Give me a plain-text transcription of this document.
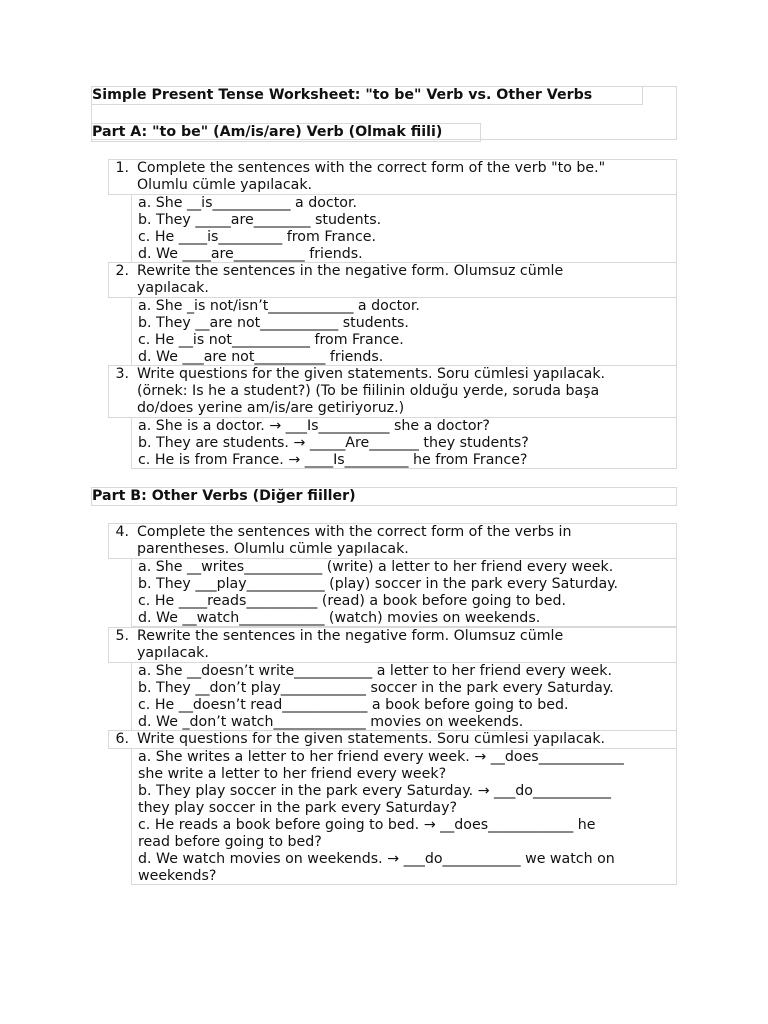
Simple Present Tense Worksheet: "to be" Verb vs. Other Verbs
Part A: "to be" (Am/is/are) Verb (Olmak fiili)
1. Complete the sentences with the correct form of the verb "to be."
Olumlu cümle yapılacak.
a. She __is___________ a doctor.
b. They _____are________ students.
c. He ____is_________ from France.
d. We ____are__________ friends.
2. Rewrite the sentences in the negative form. Olumsuz cümle
yapılacak.
a. She _is not/isn’t____________ a doctor.
b. They __are not___________ students.
c. He __is not___________ from France.
d. We ___are not__________ friends.
3. Write questions for the given statements. Soru cümlesi yapılacak.
(örnek: Is he a student?) (To be fiilinin olduğu yerde, soruda başa
do/does yerine am/is/are getiriyoruz.)
a. She is a doctor. → ___Is__________ she a doctor?
b. They are students. → _____Are_______ they students?
c. He is from France. → ____Is_________ he from France?
Part B: Other Verbs (Diğer fiiller)
4. Complete the sentences with the correct form of the verbs in
parentheses. Olumlu cümle yapılacak.
a. She __writes___________ (write) a letter to her friend every week.
b. They ___play___________ (play) soccer in the park every Saturday.
c. He ____reads__________ (read) a book before going to bed.
d. We __watch____________ (watch) movies on weekends.
5. Rewrite the sentences in the negative form. Olumsuz cümle
yapılacak.
a. She __doesn’t write___________ a letter to her friend every week.
b. They __don’t play____________ soccer in the park every Saturday.
c. He __doesn’t read____________ a book before going to bed.
d. We _don’t watch_____________ movies on weekends.
6. Write questions for the given statements. Soru cümlesi yapılacak.
a. She writes a letter to her friend every week. → __does____________
she write a letter to her friend every week?
b. They play soccer in the park every Saturday. → ___do___________
they play soccer in the park every Saturday?
c. He reads a book before going to bed. → __does____________ he
read before going to bed?
d. We watch movies on weekends. → ___do___________ we watch on
weekends?
